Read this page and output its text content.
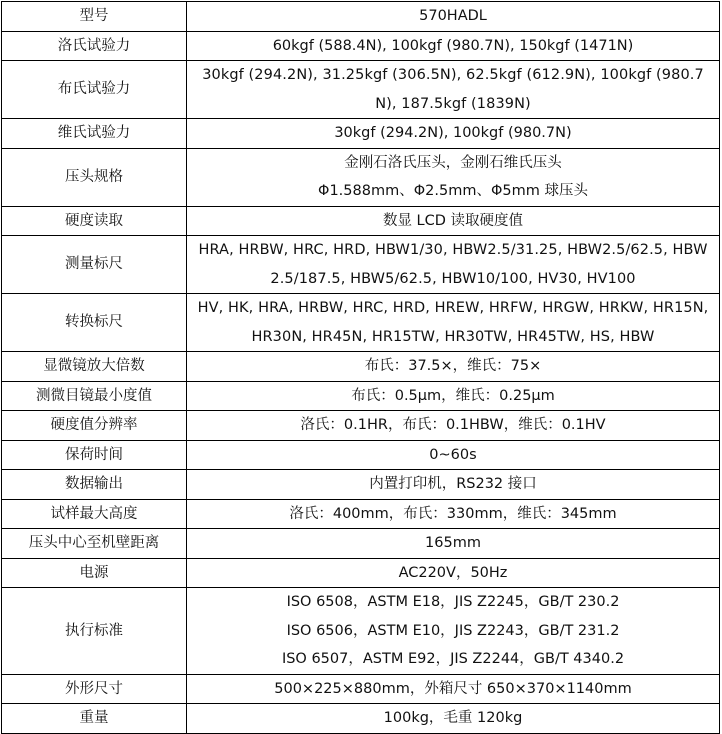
型号	570HADL
洛氏试验力	60kgf (588.4N), 100kgf (980.7N), 150kgf (1471N)
布氏试验力	30kgf (294.2N), 31.25kgf (306.5N), 62.5kgf (612.9N), 100kgf (980.7N), 187.5kgf (1839N)
维氏试验力	30kgf (294.2N), 100kgf (980.7N)
压头规格	金刚石洛氏压头，金刚石维氏压头
Φ1.588mm、Φ2.5mm、Φ5mm 球压头

硬度读取	数显 LCD 读取硬度值
测量标尺	HRA, HRBW, HRC, HRD, HBW1/30, HBW2.5/31.25, HBW2.5/62.5, HBW2.5/187.5, HBW5/62.5, HBW10/100, HV30, HV100
转换标尺	HV, HK, HRA, HRBW, HRC, HRD, HREW, HRFW, HRGW, HRKW, HR15N, HR30N, HR45N, HR15TW, HR30TW, HR45TW, HS, HBW
显微镜放大倍数	布氏：37.5×，维氏：75×
测微目镜最小度值	布氏：0.5μm，维氏：0.25μm
硬度值分辨率	洛氏：0.1HR，布氏：0.1HBW，维氏：0.1HV
保荷时间	0~60s
数据输出	内置打印机，RS232 接口
试样最大高度	洛氏：400mm，布氏：330mm，维氏：345mm
压头中心至机壁距离	165mm
电源	AC220V，50Hz
执行标准	ISO 6508，ASTM E18，JIS Z2245，GB/T 230.2
ISO 6506，ASTM E10，JIS Z2243，GB/T 231.2
ISO 6507，ASTM E92，JIS Z2244，GB/T 4340.2

外形尺寸	500×225×880mm，外箱尺寸 650×370×1140mm
重量	100kg，毛重 120kg
